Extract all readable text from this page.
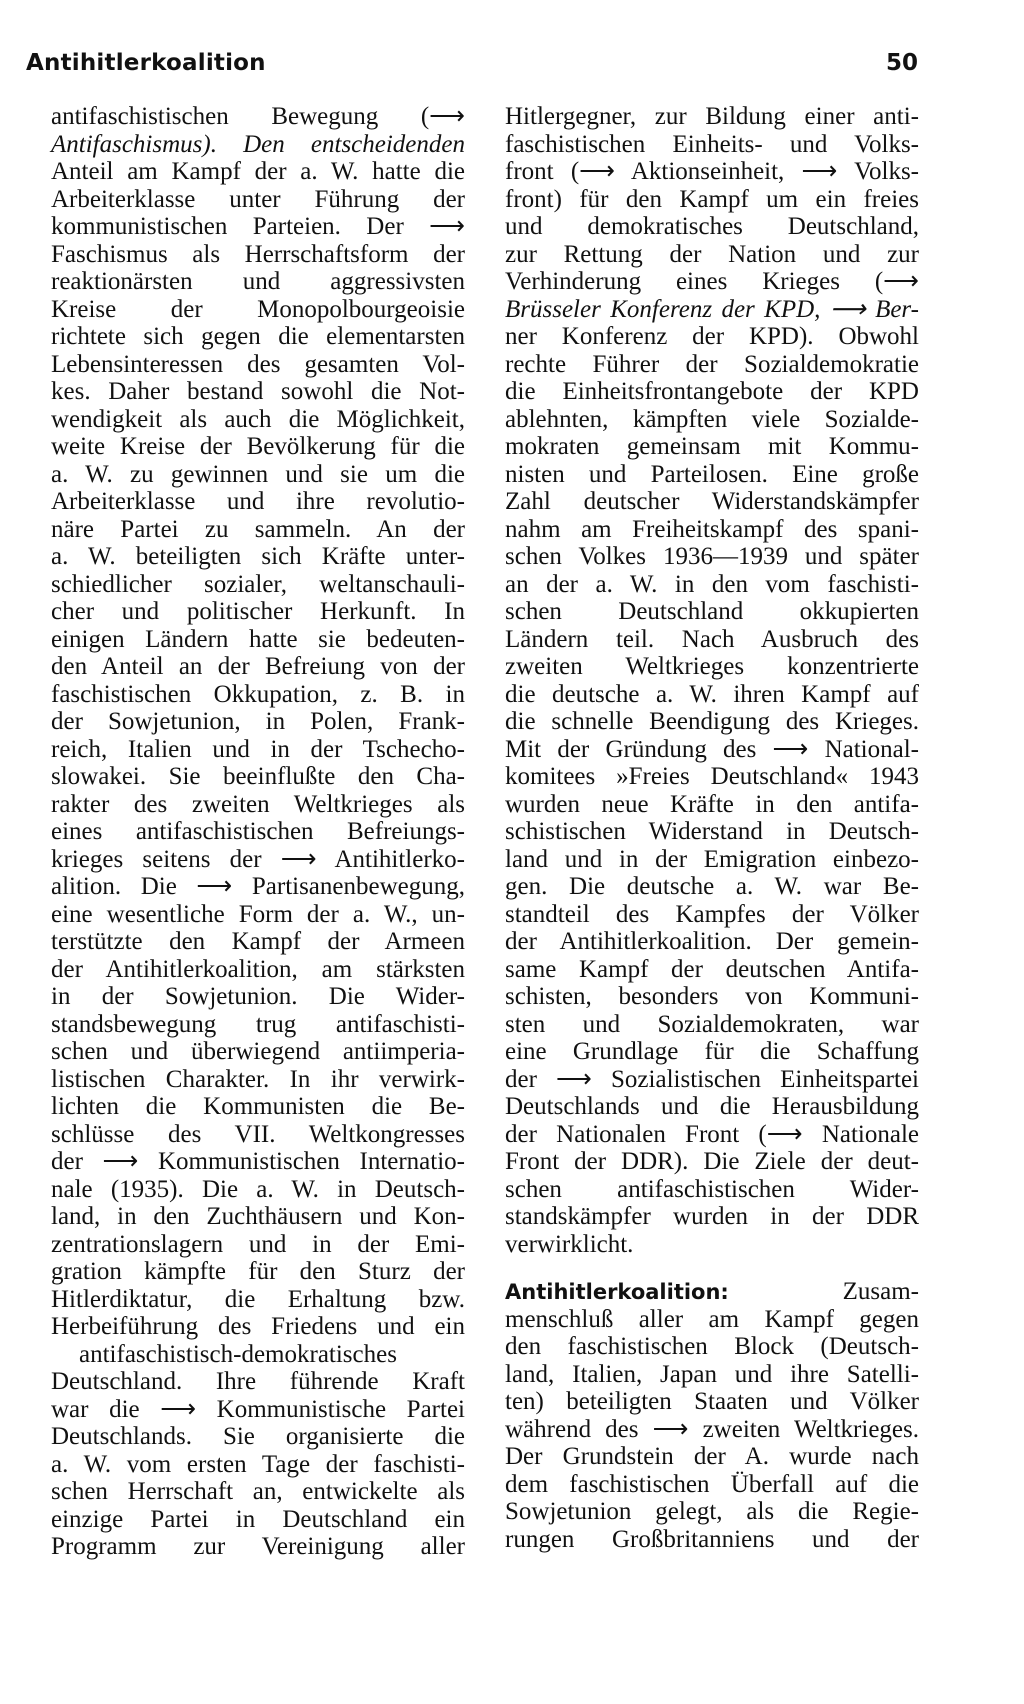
Antihitlerkoalition	50
antifaschistischen Bewegung (⟶
Antifaschismus). Den entscheidenden
Anteil am Kampf der a. W. hatte die
Arbeiterklasse unter Führung der
kommunistischen Parteien. Der ⟶
Faschismus als Herrschaftsform der
reaktionärsten und aggressivsten
Kreise der Monopolbourgeoisie
richtete sich gegen die elementarsten
Lebensinteressen des gesamten Vol-
kes. Daher bestand sowohl die Not-
wendigkeit als auch die Möglichkeit,
weite Kreise der Bevölkerung für die
a. W. zu gewinnen und sie um die
Arbeiterklasse und ihre revolutio-
näre Partei zu sammeln. An der
a. W. beteiligten sich Kräfte unter-
schiedlicher sozialer, weltanschauli-
cher und politischer Herkunft. In
einigen Ländern hatte sie bedeuten-
den Anteil an der Befreiung von der
faschistischen Okkupation, z. B. in
der Sowjetunion, in Polen, Frank-
reich, Italien und in der Tschecho-
slowakei. Sie beeinflußte den Cha-
rakter des zweiten Weltkrieges als
eines antifaschistischen Befreiungs-
krieges seitens der ⟶ Antihitlerko-
alition. Die ⟶ Partisanenbewegung,
eine wesentliche Form der a. W., un-
terstützte den Kampf der Armeen
der Antihitlerkoalition, am stärksten
in der Sowjetunion. Die Wider-
standsbewegung trug antifaschisti-
schen und überwiegend antiimperia-
listischen Charakter. In ihr verwirk-
lichten die Kommunisten die Be-
schlüsse des VII. Weltkongresses
der ⟶ Kommunistischen Internatio-
nale (1935). Die a. W. in Deutsch-
land, in den Zuchthäusern und Kon-
zentrationslagern und in der Emi-
gration kämpfte für den Sturz der
Hitlerdiktatur, die Erhaltung bzw.
Herbeiführung des Friedens und ein
antifaschistisch-demokratisches
Deutschland. Ihre führende Kraft
war die ⟶ Kommunistische Partei
Deutschlands. Sie organisierte die
a. W. vom ersten Tage der faschisti-
schen Herrschaft an, entwickelte als
einzige Partei in Deutschland ein
Programm zur Vereinigung aller
Hitlergegner, zur Bildung einer anti-
faschistischen Einheits- und Volks-
front (⟶ Aktionseinheit, ⟶ Volks-
front) für den Kampf um ein freies
und demokratisches Deutschland,
zur Rettung der Nation und zur
Verhinderung eines Krieges (⟶
Brüsseler Konferenz der KPD, ⟶ Ber-
ner Konferenz der KPD). Obwohl
rechte Führer der Sozialdemokratie
die Einheitsfrontangebote der KPD
ablehnten, kämpften viele Sozialde-
mokraten gemeinsam mit Kommu-
nisten und Parteilosen. Eine große
Zahl deutscher Widerstandskämpfer
nahm am Freiheitskampf des spani-
schen Volkes 1936—1939 und später
an der a. W. in den vom faschisti-
schen Deutschland okkupierten
Ländern teil. Nach Ausbruch des
zweiten Weltkrieges konzentrierte
die deutsche a. W. ihren Kampf auf
die schnelle Beendigung des Krieges.
Mit der Gründung des ⟶ National-
komitees »Freies Deutschland« 1943
wurden neue Kräfte in den antifa-
schistischen Widerstand in Deutsch-
land und in der Emigration einbezo-
gen. Die deutsche a. W. war Be-
standteil des Kampfes der Völker
der Antihitlerkoalition. Der gemein-
same Kampf der deutschen Antifa-
schisten, besonders von Kommuni-
sten und Sozialdemokraten, war
eine Grundlage für die Schaffung
der ⟶ Sozialistischen Einheitspartei
Deutschlands und die Herausbildung
der Nationalen Front (⟶ Nationale
Front der DDR). Die Ziele der deut-
schen antifaschistischen Wider-
standskämpfer wurden in der DDR
verwirklicht.
Antihitlerkoalition:	Zusam-
menschluß aller am Kampf gegen
den faschistischen Block (Deutsch-
land, Italien, Japan und ihre Satelli-
ten) beteiligten Staaten und Völker
während des ⟶ zweiten Weltkrieges.
Der Grundstein der A. wurde nach
dem faschistischen Überfall auf die
Sowjetunion gelegt, als die Regie-
rungen Großbritanniens und der
